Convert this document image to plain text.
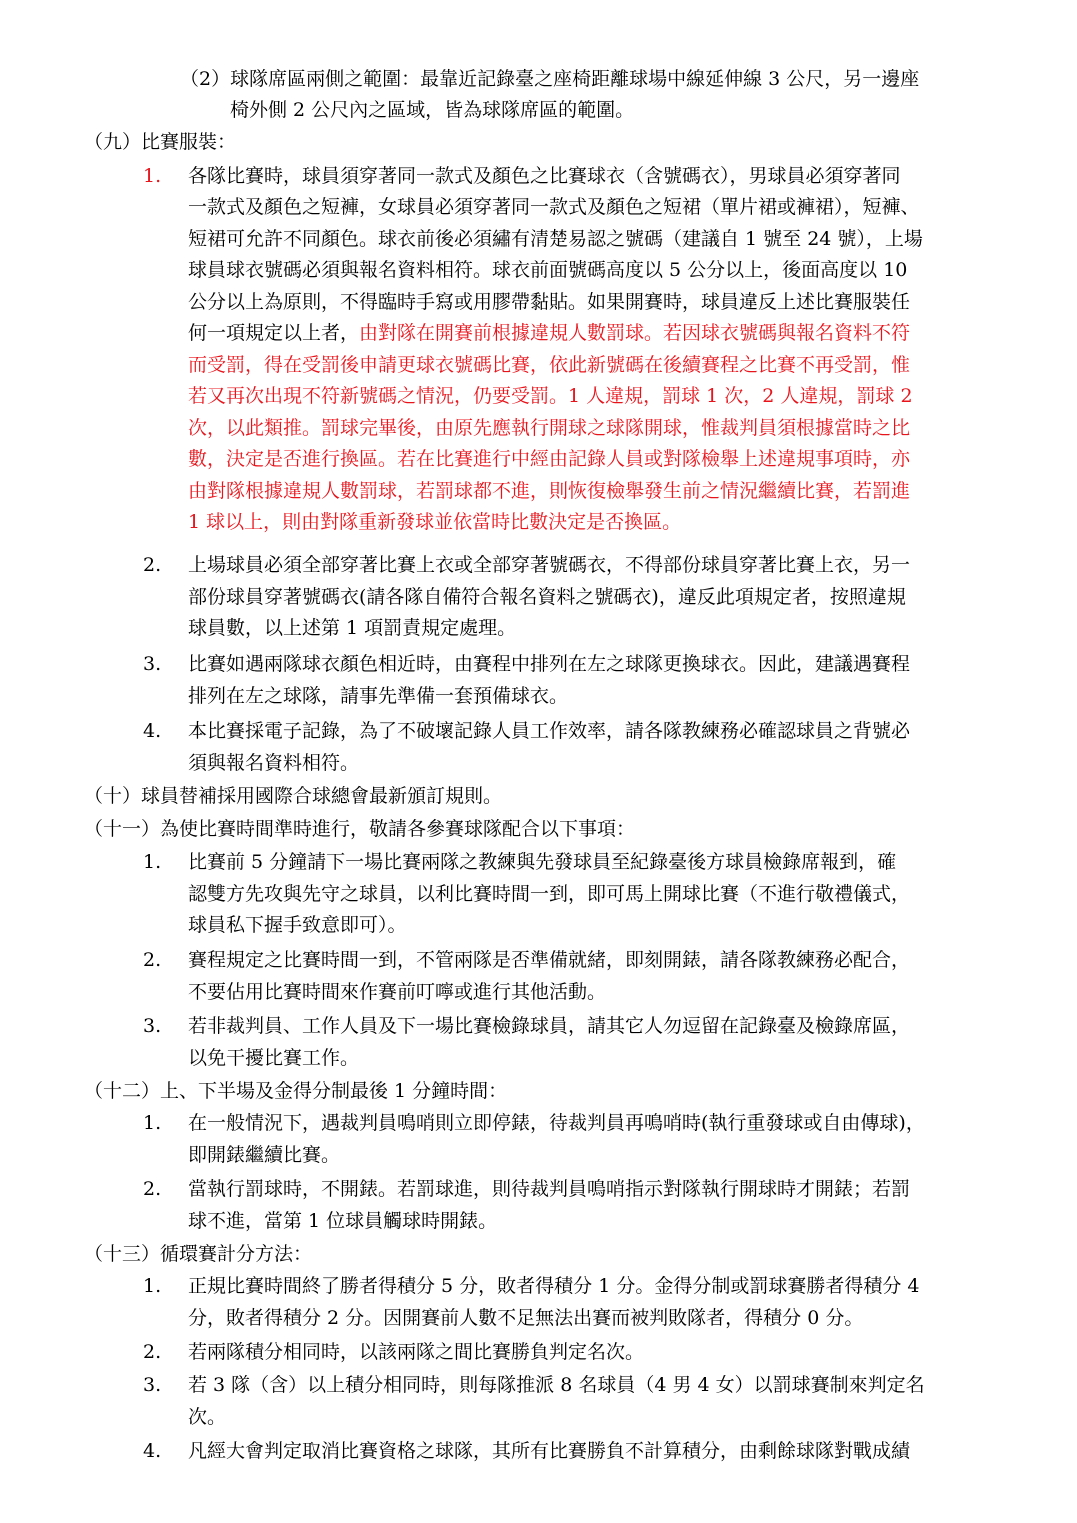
（2）球隊席區兩側之範圍：最靠近記錄臺之座椅距離球場中線延伸線 3 公尺，另一邊座
椅外側 2 公尺內之區域，皆為球隊席區的範圍。
（九）比賽服裝：
1. 各隊比賽時，球員須穿著同一款式及顏色之比賽球衣（含號碼衣），男球員必須穿著同
一款式及顏色之短褲，女球員必須穿著同一款式及顏色之短裙（單片裙或褲裙），短褲、
短裙可允許不同顏色。球衣前後必須繡有清楚易認之號碼（建議自 1 號至 24 號），上場
球員球衣號碼必須與報名資料相符。球衣前面號碼高度以 5 公分以上，後面高度以 10
公分以上為原則，不得臨時手寫或用膠帶黏貼。如果開賽時，球員違反上述比賽服裝任
何一項規定以上者，由對隊在開賽前根據違規人數罰球。若因球衣號碼與報名資料不符
而受罰，得在受罰後申請更球衣號碼比賽，依此新號碼在後續賽程之比賽不再受罰，惟
若又再次出現不符新號碼之情況，仍要受罰。1 人違規，罰球 1 次，2 人違規，罰球 2
次，以此類推。罰球完畢後，由原先應執行開球之球隊開球，惟裁判員須根據當時之比
數，決定是否進行換區。若在比賽進行中經由記錄人員或對隊檢舉上述違規事項時，亦
由對隊根據違規人數罰球，若罰球都不進，則恢復檢舉發生前之情況繼續比賽，若罰進
1 球以上，則由對隊重新發球並依當時比數決定是否換區。
2. 上場球員必須全部穿著比賽上衣或全部穿著號碼衣，不得部份球員穿著比賽上衣，另一
部份球員穿著號碼衣(請各隊自備符合報名資料之號碼衣)，違反此項規定者，按照違規
球員數，以上述第 1 項罰責規定處理。
3. 比賽如遇兩隊球衣顏色相近時，由賽程中排列在左之球隊更換球衣。因此，建議遇賽程
排列在左之球隊，請事先準備一套預備球衣。
4. 本比賽採電子記錄，為了不破壞記錄人員工作效率，請各隊教練務必確認球員之背號必
須與報名資料相符。
（十）球員替補採用國際合球總會最新頒訂規則。
（十一）為使比賽時間準時進行，敬請各參賽球隊配合以下事項：
1. 比賽前 5 分鐘請下一場比賽兩隊之教練與先發球員至紀錄臺後方球員檢錄席報到，確
認雙方先攻與先守之球員，以利比賽時間一到，即可馬上開球比賽（不進行敬禮儀式，
球員私下握手致意即可）。
2. 賽程規定之比賽時間一到，不管兩隊是否準備就緒，即刻開錶，請各隊教練務必配合，
不要佔用比賽時間來作賽前叮嚀或進行其他活動。
3. 若非裁判員、工作人員及下一場比賽檢錄球員，請其它人勿逗留在記錄臺及檢錄席區，
以免干擾比賽工作。
（十二）上、下半場及金得分制最後 1 分鐘時間：
1. 在一般情況下，遇裁判員鳴哨則立即停錶，待裁判員再鳴哨時(執行重發球或自由傳球)，
即開錶繼續比賽。
2. 當執行罰球時，不開錶。若罰球進，則待裁判員鳴哨指示對隊執行開球時才開錶；若罰
球不進，當第 1 位球員觸球時開錶。
（十三）循環賽計分方法：
1. 正規比賽時間終了勝者得積分 5 分，敗者得積分 1 分。金得分制或罰球賽勝者得積分 4
分，敗者得積分 2 分。因開賽前人數不足無法出賽而被判敗隊者，得積分 0 分。
2. 若兩隊積分相同時，以該兩隊之間比賽勝負判定名次。
3. 若 3 隊（含）以上積分相同時，則每隊推派 8 名球員（4 男 4 女）以罰球賽制來判定名
次。
4. 凡經大會判定取消比賽資格之球隊，其所有比賽勝負不計算積分，由剩餘球隊對戰成績
